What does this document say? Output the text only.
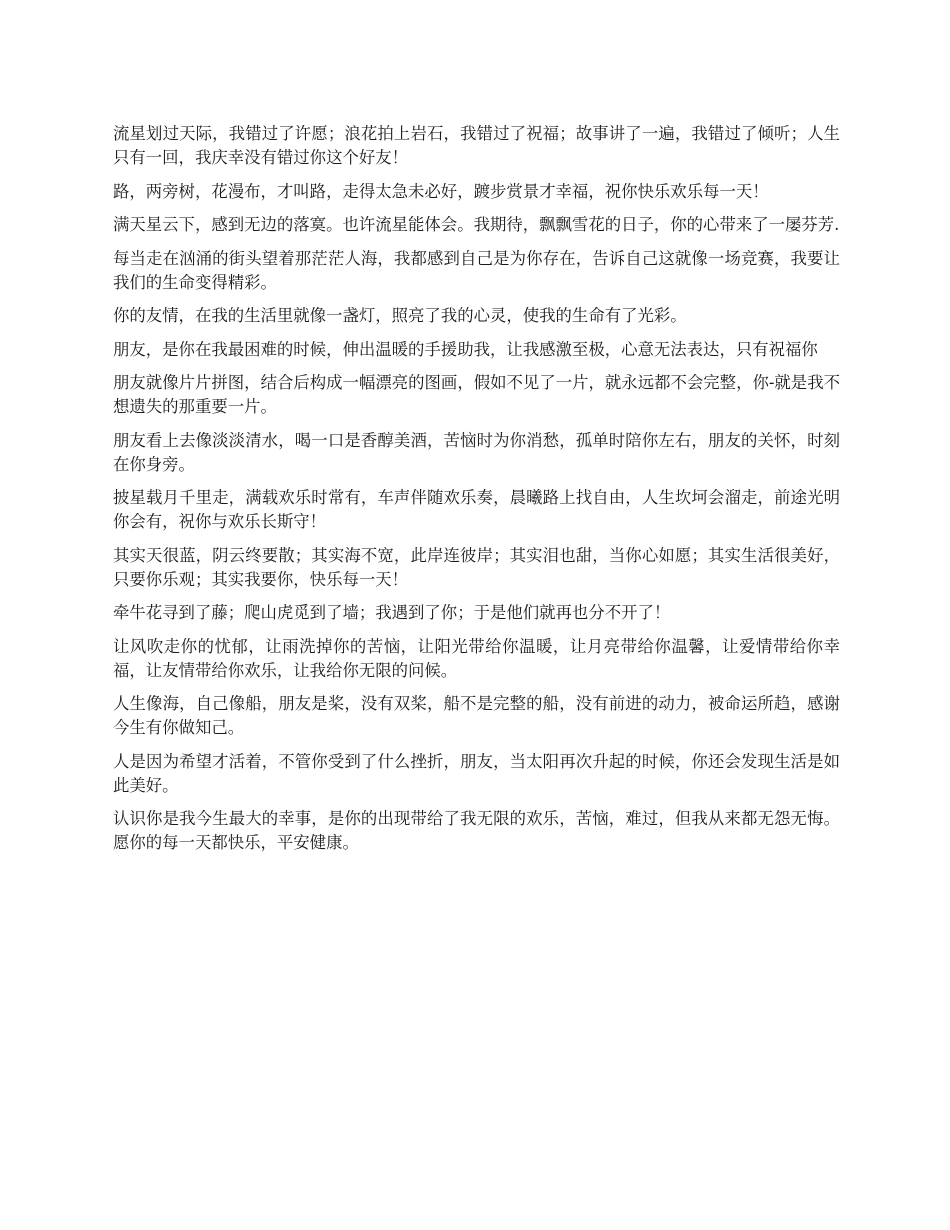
流星划过天际，我错过了许愿；浪花拍上岩石，我错过了祝福；故事讲了一遍，我错过了倾听；人生只有一回，我庆幸没有错过你这个好友！

路，两旁树，花漫布，才叫路，走得太急未必好，踱步赏景才幸福，祝你快乐欢乐每一天！

满天星云下，感到无边的落寞。也许流星能体会。我期待，飘飘雪花的日子，你的心带来了一屡芬芳.

每当走在汹涌的街头望着那茫茫人海，我都感到自己是为你存在，告诉自己这就像一场竞赛，我要让我们的生命变得精彩。

你的友情，在我的生活里就像一盏灯，照亮了我的心灵，使我的生命有了光彩。

朋友，是你在我最困难的时候，伸出温暖的手援助我，让我感激至极，心意无法表达，只有祝福你

朋友就像片片拼图，结合后构成一幅漂亮的图画，假如不见了一片，就永远都不会完整，你-就是我不想遗失的那重要一片。

朋友看上去像淡淡清水，喝一口是香醇美酒，苦恼时为你消愁，孤单时陪你左右，朋友的关怀，时刻在你身旁。

披星载月千里走，满载欢乐时常有，车声伴随欢乐奏，晨曦路上找自由，人生坎坷会溜走，前途光明你会有，祝你与欢乐长斯守！

其实天很蓝，阴云终要散；其实海不宽，此岸连彼岸；其实泪也甜，当你心如愿；其实生活很美好，只要你乐观；其实我要你，快乐每一天！

牵牛花寻到了藤；爬山虎觅到了墙；我遇到了你；于是他们就再也分不开了！

让风吹走你的忧郁，让雨洗掉你的苦恼，让阳光带给你温暖，让月亮带给你温馨，让爱情带给你幸福，让友情带给你欢乐，让我给你无限的问候。

人生像海，自己像船，朋友是桨，没有双桨，船不是完整的船，没有前进的动力，被命运所趋，感谢今生有你做知己。

人是因为希望才活着，不管你受到了什么挫折，朋友，当太阳再次升起的时候，你还会发现生活是如此美好。

认识你是我今生最大的幸事，是你的出现带给了我无限的欢乐，苦恼，难过，但我从来都无怨无悔。愿你的每一天都快乐，平安健康。
